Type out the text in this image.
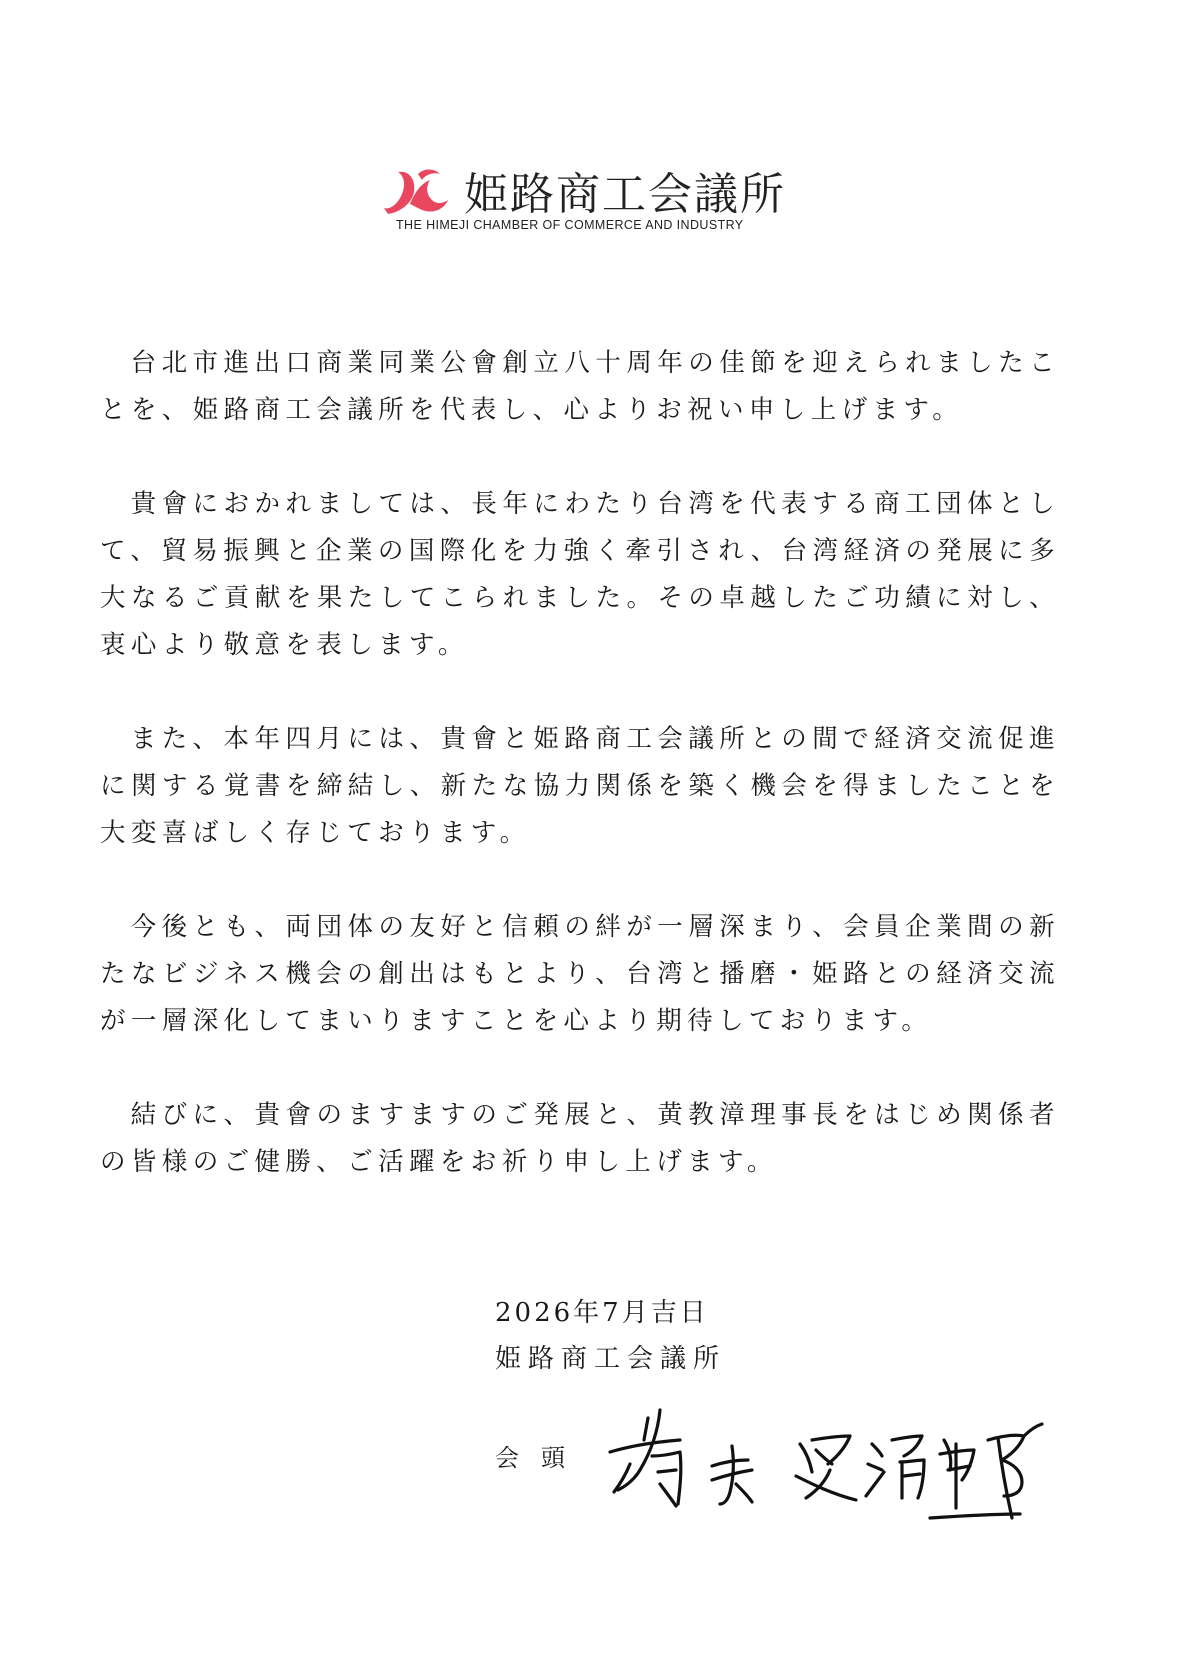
姫路商工会議所
THE HIMEJI CHAMBER OF COMMERCE AND INDUSTRY

台北市進出口商業同業公會創立八十周年の佳節を迎えられましたことを、姫路商工会議所を代表し、心よりお祝い申し上げます。

貴會におかれましては、長年にわたり台湾を代表する商工団体として、貿易振興と企業の国際化を力強く牽引され、台湾経済の発展に多大なるご貢献を果たしてこられました。その卓越したご功績に対し、衷心より敬意を表します。

また、本年四月には、貴會と姫路商工会議所との間で経済交流促進に関する覚書を締結し、新たな協力関係を築く機会を得ましたことを大変喜ばしく存じております。

今後とも、両団体の友好と信頼の絆が一層深まり、会員企業間の新たなビジネス機会の創出はもとより、台湾と播磨・姫路との経済交流が一層深化してまいりますことを心より期待しております。

結びに、貴會のますますのご発展と、黄教漳理事長をはじめ関係者の皆様のご健勝、ご活躍をお祈り申し上げます。

2026年7月吉日
姫路商工会議所
会頭
